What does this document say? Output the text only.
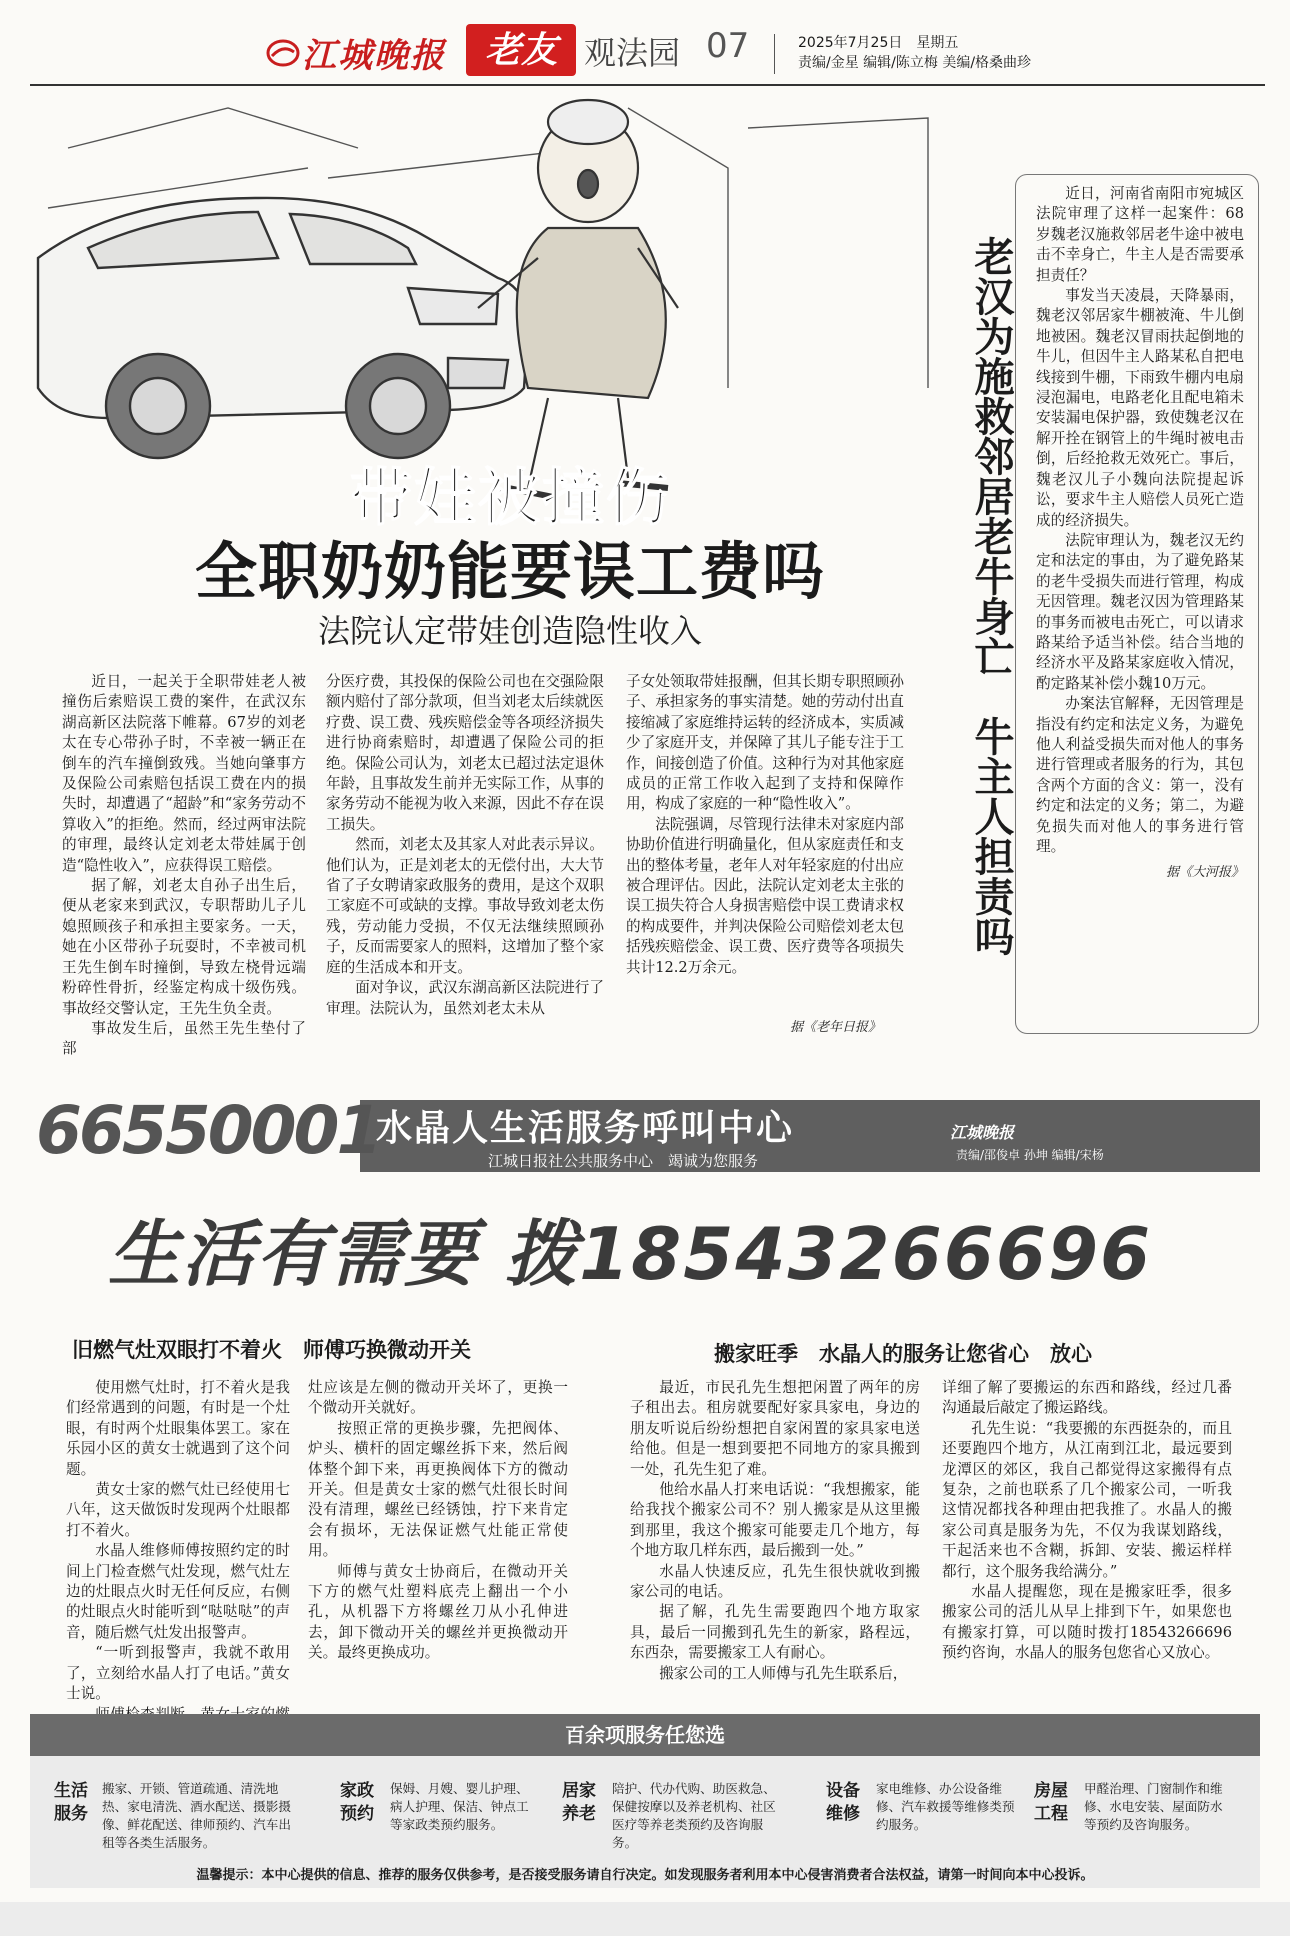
江城晚报	老友 观法园 07	2025年7月25日　星期五
责编/金星 编辑/陈立梅 美编/格桑曲珍
带娃被撞伤
全职奶奶能要误工费吗
法院认定带娃创造隐性收入

近日，一起关于全职带娃老人被撞伤后索赔误工费的案件，在武汉东湖高新区法院落下帷幕。67岁的刘老太在专心带孙子时，不幸被一辆正在倒车的汽车撞倒致残。当她向肇事方及保险公司索赔包括误工费在内的损失时，却遭遇了“超龄”和“家务劳动不算收入”的拒绝。然而，经过两审法院的审理，最终认定刘老太带娃属于创造“隐性收入”，应获得误工赔偿。

据了解，刘老太自孙子出生后，便从老家来到武汉，专职帮助儿子儿媳照顾孩子和承担主要家务。一天，她在小区带孙子玩耍时，不幸被司机王先生倒车时撞倒，导致左桡骨远端粉碎性骨折，经鉴定构成十级伤残。事故经交警认定，王先生负全责。

事故发生后，虽然王先生垫付了部

分医疗费，其投保的保险公司也在交强险限额内赔付了部分款项，但当刘老太后续就医疗费、误工费、残疾赔偿金等各项经济损失进行协商索赔时，却遭遇了保险公司的拒绝。保险公司认为，刘老太已超过法定退休年龄，且事故发生前并无实际工作，从事的家务劳动不能视为收入来源，因此不存在误工损失。

然而，刘老太及其家人对此表示异议。他们认为，正是刘老太的无偿付出，大大节省了子女聘请家政服务的费用，是这个双职工家庭不可或缺的支撑。事故导致刘老太伤残，劳动能力受损，不仅无法继续照顾孙子，反而需要家人的照料，这增加了整个家庭的生活成本和开支。

面对争议，武汉东湖高新区法院进行了审理。法院认为，虽然刘老太未从

子女处领取带娃报酬，但其长期专职照顾孙子、承担家务的事实清楚。她的劳动付出直接缩减了家庭维持运转的经济成本，实质减少了家庭开支，并保障了其儿子能专注于工作，间接创造了价值。这种行为对其他家庭成员的正常工作收入起到了支持和保障作用，构成了家庭的一种“隐性收入”。

法院强调，尽管现行法律未对家庭内部协助价值进行明确量化，但从家庭责任和支出的整体考量，老年人对年轻家庭的付出应被合理评估。因此，法院认定刘老太主张的误工损失符合人身损害赔偿中误工费请求权的构成要件，并判决保险公司赔偿刘老太包括残疾赔偿金、误工费、医疗费等各项损失共计12.2万余元。

据《老年日报》
老汉为施救邻居老牛身亡　牛主人担责吗

近日，河南省南阳市宛城区法院审理了这样一起案件：68岁魏老汉施救邻居老牛途中被电击不幸身亡，牛主人是否需要承担责任？

事发当天凌晨，天降暴雨，魏老汉邻居家牛棚被淹、牛儿倒地被困。魏老汉冒雨扶起倒地的牛儿，但因牛主人路某私自把电线接到牛棚，下雨致牛棚内电扇浸泡漏电，电路老化且配电箱未安装漏电保护器，致使魏老汉在解开拴在钢管上的牛绳时被电击倒，后经抢救无效死亡。事后，魏老汉儿子小魏向法院提起诉讼，要求牛主人赔偿人员死亡造成的经济损失。

法院审理认为，魏老汉无约定和法定的事由，为了避免路某的老牛受损失而进行管理，构成无因管理。魏老汉因为管理路某的事务而被电击死亡，可以请求路某给予适当补偿。结合当地的经济水平及路某家庭收入情况，酌定路某补偿小魏10万元。

办案法官解释，无因管理是指没有约定和法定义务，为避免他人利益受损失而对他人的事务进行管理或者服务的行为，其包含两个方面的含义：第一，没有约定和法定的义务；第二，为避免损失而对他人的事务进行管理。

据《大河报》
66550001
水晶人生活服务呼叫中心
江城日报社公共服务中心　竭诚为您服务
江城晚报
责编/邵俊卓 孙坤 编辑/宋杨
生活有需要 拨18543266696
旧燃气灶双眼打不着火　师傅巧换微动开关

使用燃气灶时，打不着火是我们经常遇到的问题，有时是一个灶眼，有时两个灶眼集体罢工。家在乐园小区的黄女士就遇到了这个问题。

黄女士家的燃气灶已经使用七八年，这天做饭时发现两个灶眼都打不着火。

水晶人维修师傅按照约定的时间上门检查燃气灶发现，燃气灶左边的灶眼点火时无任何反应，右侧的灶眼点火时能听到“哒哒哒”的声音，随后燃气灶发出报警声。

“一听到报警声，我就不敢用了，立刻给水晶人打了电话。”黄女士说。

灶应该是左侧的微动开关坏了，更换一个微动开关就好。

按照正常的更换步骤，先把阀体、炉头、横杆的固定螺丝拆下来，然后阀体整个卸下来，再更换阀体下方的微动开关。但是黄女士家的燃气灶很长时间没有清理，螺丝已经锈蚀，拧下来肯定会有损坏，无法保证燃气灶能正常使用。

师傅与黄女士协商后，在微动开关下方的燃气灶塑料底壳上翻出一个小孔，从机器下方将螺丝刀从小孔伸进去，卸下微动开关的螺丝并更换微动开关。最终更换成功。

搬家旺季　水晶人的服务让您省心　放心

最近，市民孔先生想把闲置了两年的房子租出去。租房就要配好家具家电，身边的朋友听说后纷纷想把自家闲置的家具家电送给他。但是一想到要把不同地方的家具搬到一处，孔先生犯了难。

他给水晶人打来电话说：“我想搬家，能给我找个搬家公司不？别人搬家是从这里搬到那里，我这个搬家可能要走几个地方，每个地方取几样东西，最后搬到一处。”

水晶人快速反应，孔先生很快就收到搬家公司的电话。

据了解，孔先生需要跑四个地方取家具，最后一同搬到孔先生的新家，路程远，东西杂，需要搬家工人有耐心。

搬家公司的工人师傅与孔先生联系后，

详细了解了要搬运的东西和路线，经过几番沟通最后敲定了搬运路线。

孔先生说：“我要搬的东西挺杂的，而且还要跑四个地方，从江南到江北，最远要到龙潭区的郊区，我自己都觉得这家搬得有点复杂，之前也联系了几个搬家公司，一听我这情况都找各种理由把我推了。水晶人的搬家公司真是服务为先，不仅为我谋划路线，干起活来也不含糊，拆卸、安装、搬运样样都行，这个服务我给满分。”

水晶人提醒您，现在是搬家旺季，很多搬家公司的活儿从早上排到下午，如果您也有搬家打算，可以随时拨打18543266696预约咨询，水晶人的服务包您省心又放心。

百余项服务任您选
生活
服务
搬家、开锁、管道疏通、清洗地热、家电清洗、酒水配送、摄影摄像、鲜花配送、律师预约、汽车出租等各类生活服务。
家政
预约
保姆、月嫂、婴儿护理、病人护理、保洁、钟点工等家政类预约服务。
居家
养老
陪护、代办代购、助医救急、保健按摩以及养老机构、社区医疗等养老类预约及咨询服务。
设备
维修
家电维修、办公设备维修、汽车救援等维修类预约服务。
房屋
工程
甲醛治理、门窗制作和维修、水电安装、屋面防水等预约及咨询服务。
温馨提示：本中心提供的信息、推荐的服务仅供参考，是否接受服务请自行决定。如发现服务者利用本中心侵害消费者合法权益，请第一时间向本中心投诉。
